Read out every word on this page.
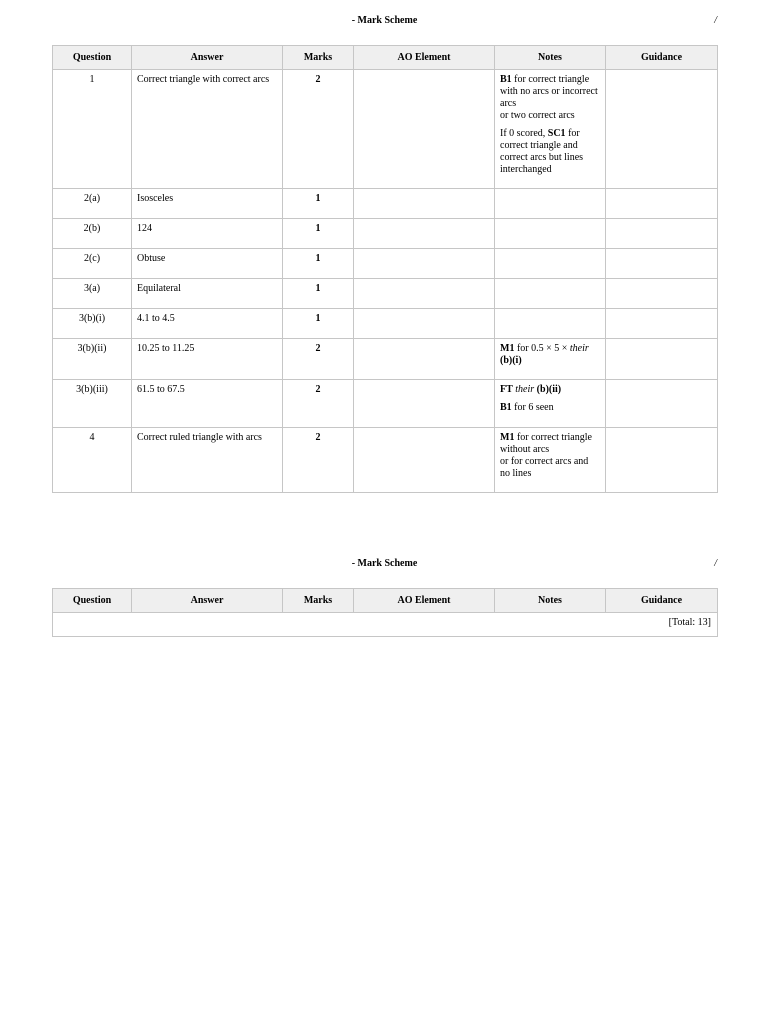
- Mark Scheme	/
Question	Answer	Marks	AO Element	Notes	Guidance
1	Correct triangle with correct arcs	2		B1 for correct triangle with no arcs or incorrect arcs
or two correct arcs
If 0 scored, SC1 for correct triangle and correct arcs but lines interchanged	

2(a)	Isosceles	1			
2(b)	124	1			
2(c)	Obtuse	1			
3(a)	Equilateral	1			
3(b)(i)	4.1 to 4.5	1			
3(b)(ii)	10.25 to 11.25	2		M1 for 0.5 × 5 × their (b)(i)	
3(b)(iii)	61.5 to 67.5	2		FT their (b)(ii)
B1 for 6 seen	

4	Correct ruled triangle with arcs	2		M1 for correct triangle without arcs
or for correct arcs and no lines	
- Mark Scheme	/
Question	Answer	Marks	AO Element	Notes	Guidance
[Total: 13]
